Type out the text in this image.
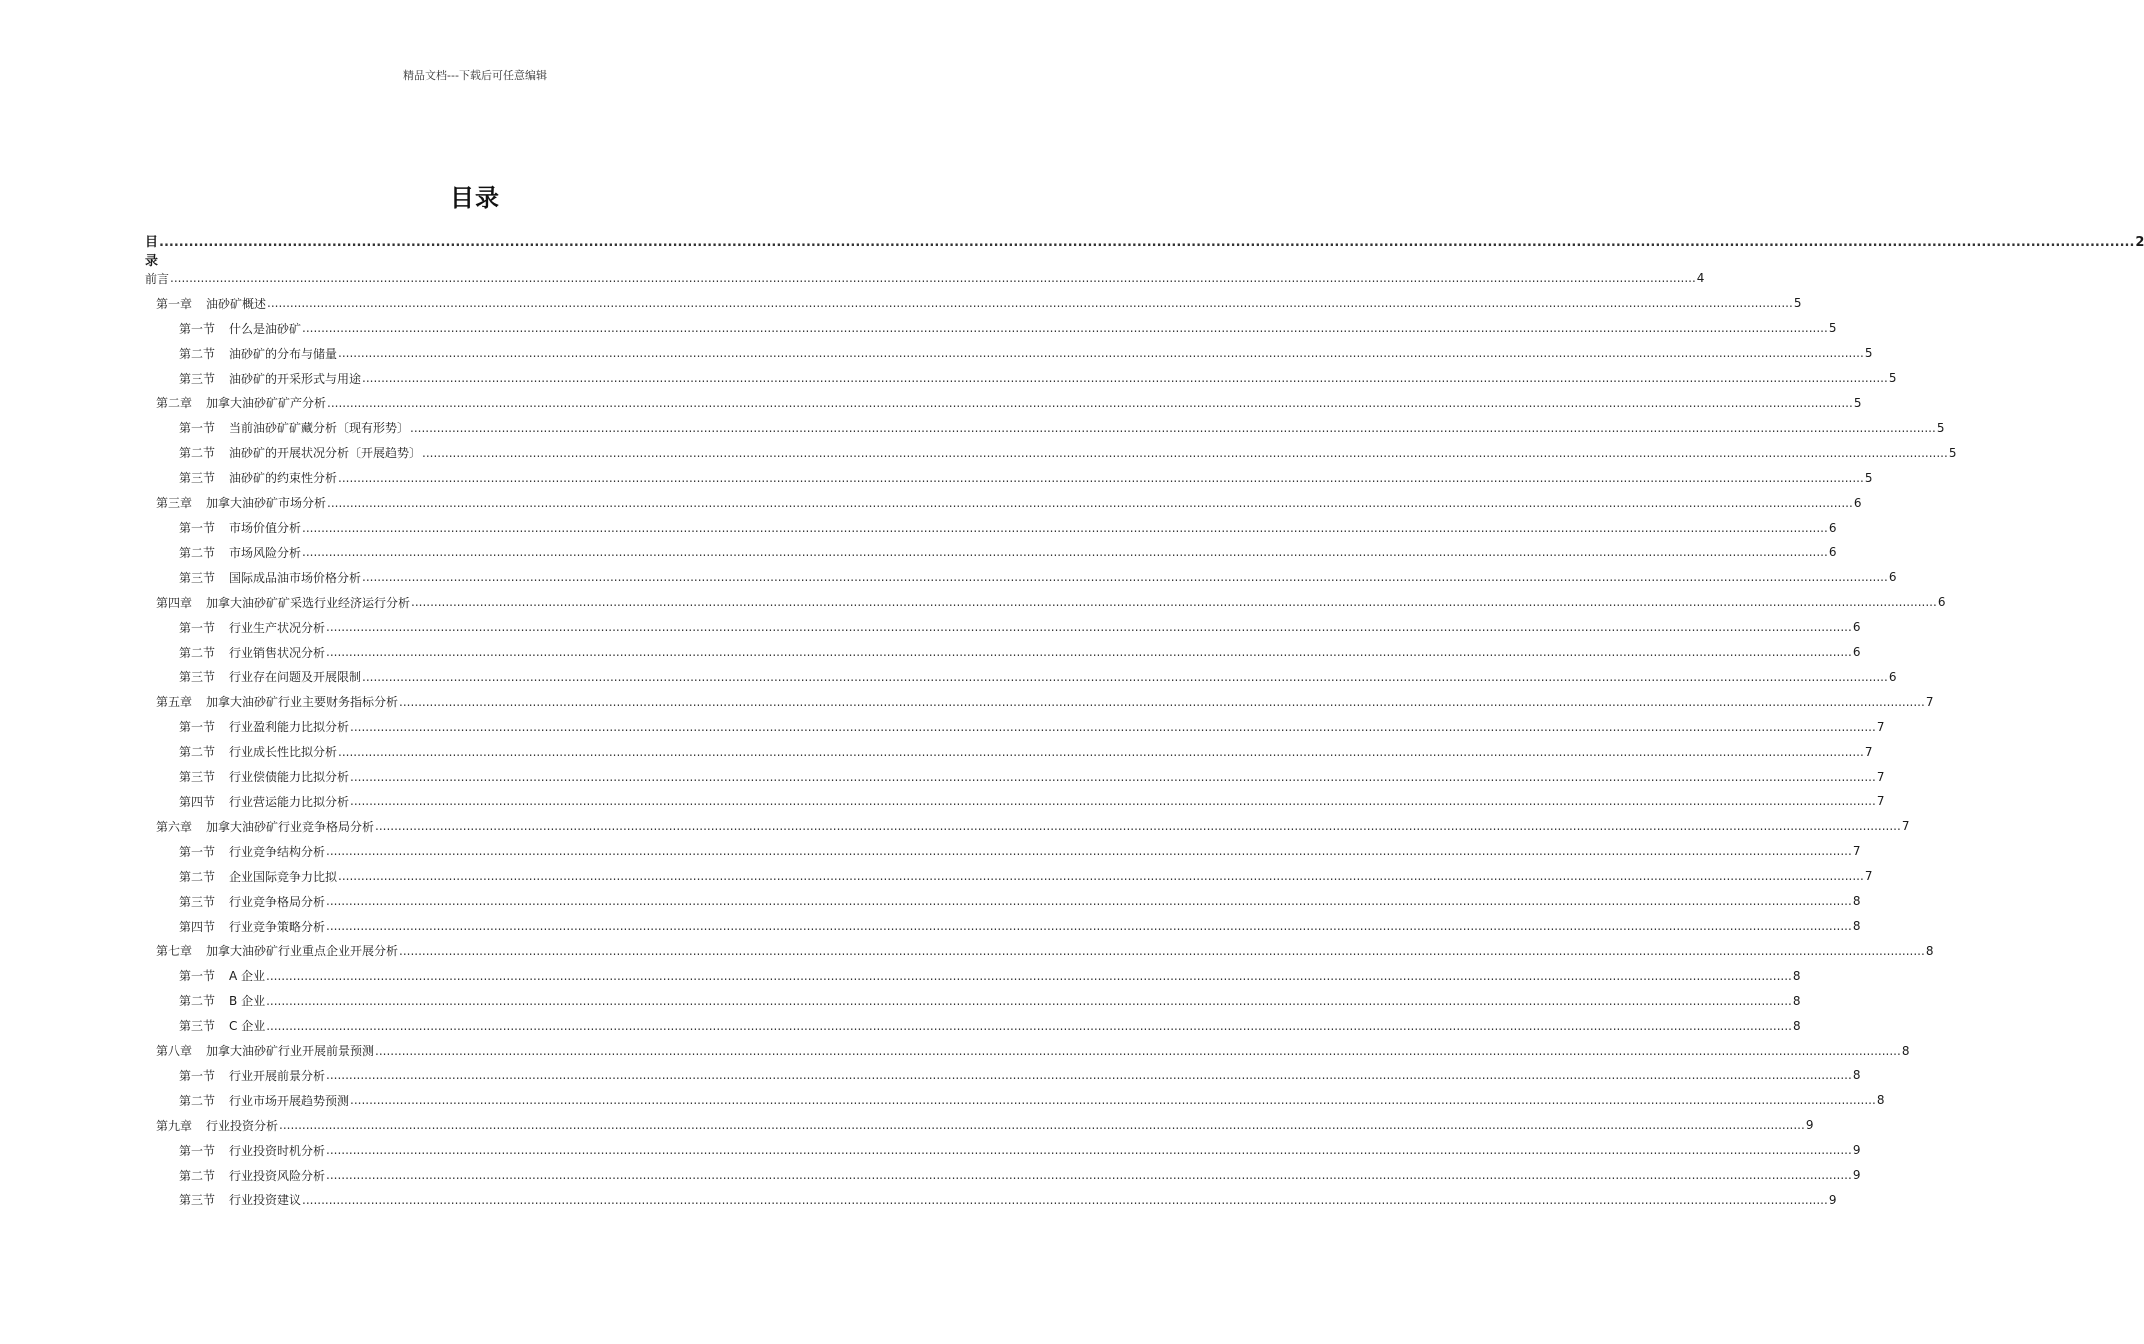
精品文档---下载后可任意编辑
目录
目录
................................................................................................................................................................................................................................................................................................................................................................................................................ 2
前言 ................................................................................................................................................................................................................................................................................................................................................................................................................ 4
第一章 油砂矿概述 ................................................................................................................................................................................................................................................................................................................................................................................................................ 5
第一节 什么是油砂矿 ................................................................................................................................................................................................................................................................................................................................................................................................................ 5
第二节 油砂矿的分布与储量 ................................................................................................................................................................................................................................................................................................................................................................................................................ 5
第三节 油砂矿的开采形式与用途 ................................................................................................................................................................................................................................................................................................................................................................................................................ 5
第二章 加拿大油砂矿矿产分析 ................................................................................................................................................................................................................................................................................................................................................................................................................ 5
第一节 当前油砂矿矿藏分析〔现有形势〕 ................................................................................................................................................................................................................................................................................................................................................................................................................ 5
第二节 油砂矿的开展状况分析〔开展趋势〕 ................................................................................................................................................................................................................................................................................................................................................................................................................ 5
第三节 油砂矿的约束性分析 ................................................................................................................................................................................................................................................................................................................................................................................................................ 5
第三章 加拿大油砂矿市场分析 ................................................................................................................................................................................................................................................................................................................................................................................................................ 6
第一节 市场价值分析 ................................................................................................................................................................................................................................................................................................................................................................................................................ 6
第二节 市场风险分析 ................................................................................................................................................................................................................................................................................................................................................................................................................ 6
第三节 国际成品油市场价格分析 ................................................................................................................................................................................................................................................................................................................................................................................................................ 6
第四章 加拿大油砂矿矿采选行业经济运行分析 ................................................................................................................................................................................................................................................................................................................................................................................................................ 6
第一节 行业生产状况分析 ................................................................................................................................................................................................................................................................................................................................................................................................................ 6
第二节 行业销售状况分析 ................................................................................................................................................................................................................................................................................................................................................................................................................ 6
第三节 行业存在问题及开展限制 ................................................................................................................................................................................................................................................................................................................................................................................................................ 6
第五章 加拿大油砂矿行业主要财务指标分析 ................................................................................................................................................................................................................................................................................................................................................................................................................ 7
第一节 行业盈利能力比拟分析 ................................................................................................................................................................................................................................................................................................................................................................................................................ 7
第二节 行业成长性比拟分析 ................................................................................................................................................................................................................................................................................................................................................................................................................ 7
第三节 行业偿债能力比拟分析 ................................................................................................................................................................................................................................................................................................................................................................................................................ 7
第四节 行业营运能力比拟分析 ................................................................................................................................................................................................................................................................................................................................................................................................................ 7
第六章 加拿大油砂矿行业竞争格局分析 ................................................................................................................................................................................................................................................................................................................................................................................................................ 7
第一节 行业竞争结构分析 ................................................................................................................................................................................................................................................................................................................................................................................................................ 7
第二节 企业国际竞争力比拟 ................................................................................................................................................................................................................................................................................................................................................................................................................ 7
第三节 行业竞争格局分析 ................................................................................................................................................................................................................................................................................................................................................................................................................ 8
第四节 行业竞争策略分析 ................................................................................................................................................................................................................................................................................................................................................................................................................ 8
第七章 加拿大油砂矿行业重点企业开展分析 ................................................................................................................................................................................................................................................................................................................................................................................................................ 8
第一节 A 企业 ................................................................................................................................................................................................................................................................................................................................................................................................................ 8
第二节 B 企业 ................................................................................................................................................................................................................................................................................................................................................................................................................ 8
第三节 C 企业 ................................................................................................................................................................................................................................................................................................................................................................................................................ 8
第八章 加拿大油砂矿行业开展前景预测 ................................................................................................................................................................................................................................................................................................................................................................................................................ 8
第一节 行业开展前景分析 ................................................................................................................................................................................................................................................................................................................................................................................................................ 8
第二节 行业市场开展趋势预测 ................................................................................................................................................................................................................................................................................................................................................................................................................ 8
第九章 行业投资分析 ................................................................................................................................................................................................................................................................................................................................................................................................................ 9
第一节 行业投资时机分析 ................................................................................................................................................................................................................................................................................................................................................................................................................ 9
第二节 行业投资风险分析 ................................................................................................................................................................................................................................................................................................................................................................................................................ 9
第三节 行业投资建议 ................................................................................................................................................................................................................................................................................................................................................................................................................ 9
